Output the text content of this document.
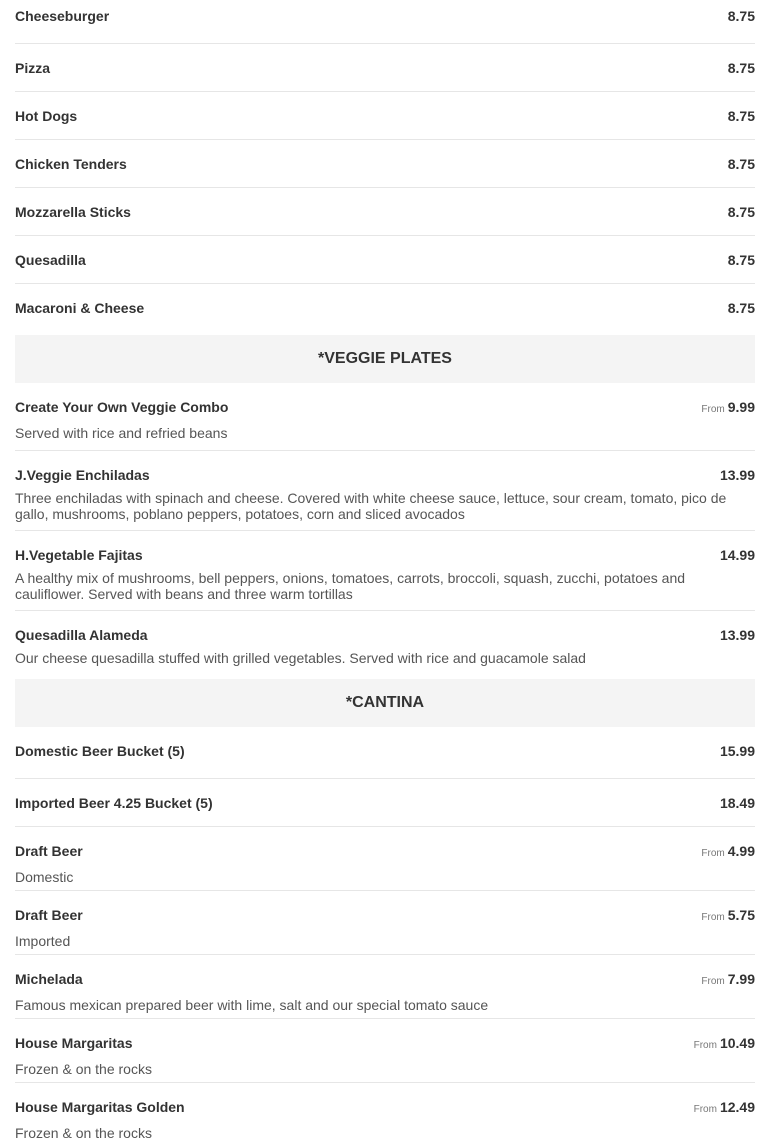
Cheeseburger	8.75
Pizza	8.75
Hot Dogs	8.75
Chicken Tenders	8.75
Mozzarella Sticks	8.75
Quesadilla	8.75
Macaroni & Cheese	8.75
*VEGGIE PLATES
Create Your Own Veggie Combo	From 9.99
Served with rice and refried beans
J.Veggie Enchiladas	13.99
Three enchiladas with spinach and cheese. Covered with white cheese sauce, lettuce, sour cream, tomato, pico de gallo, mushrooms, poblano peppers, potatoes, corn and sliced avocados
H.Vegetable Fajitas	14.99
A healthy mix of mushrooms, bell peppers, onions, tomatoes, carrots, broccoli, squash, zucchi, potatoes and cauliflower. Served with beans and three warm tortillas
Quesadilla Alameda	13.99
Our cheese quesadilla stuffed with grilled vegetables. Served with rice and guacamole salad
*CANTINA
Domestic Beer Bucket (5)	15.99
Imported Beer 4.25 Bucket (5)	18.49
Draft Beer	From 4.99
Domestic
Draft Beer	From 5.75
Imported
Michelada	From 7.99
Famous mexican prepared beer with lime, salt and our special tomato sauce
House Margaritas	From 10.49
Frozen & on the rocks
House Margaritas Golden	From 12.49
Frozen & on the rocks
